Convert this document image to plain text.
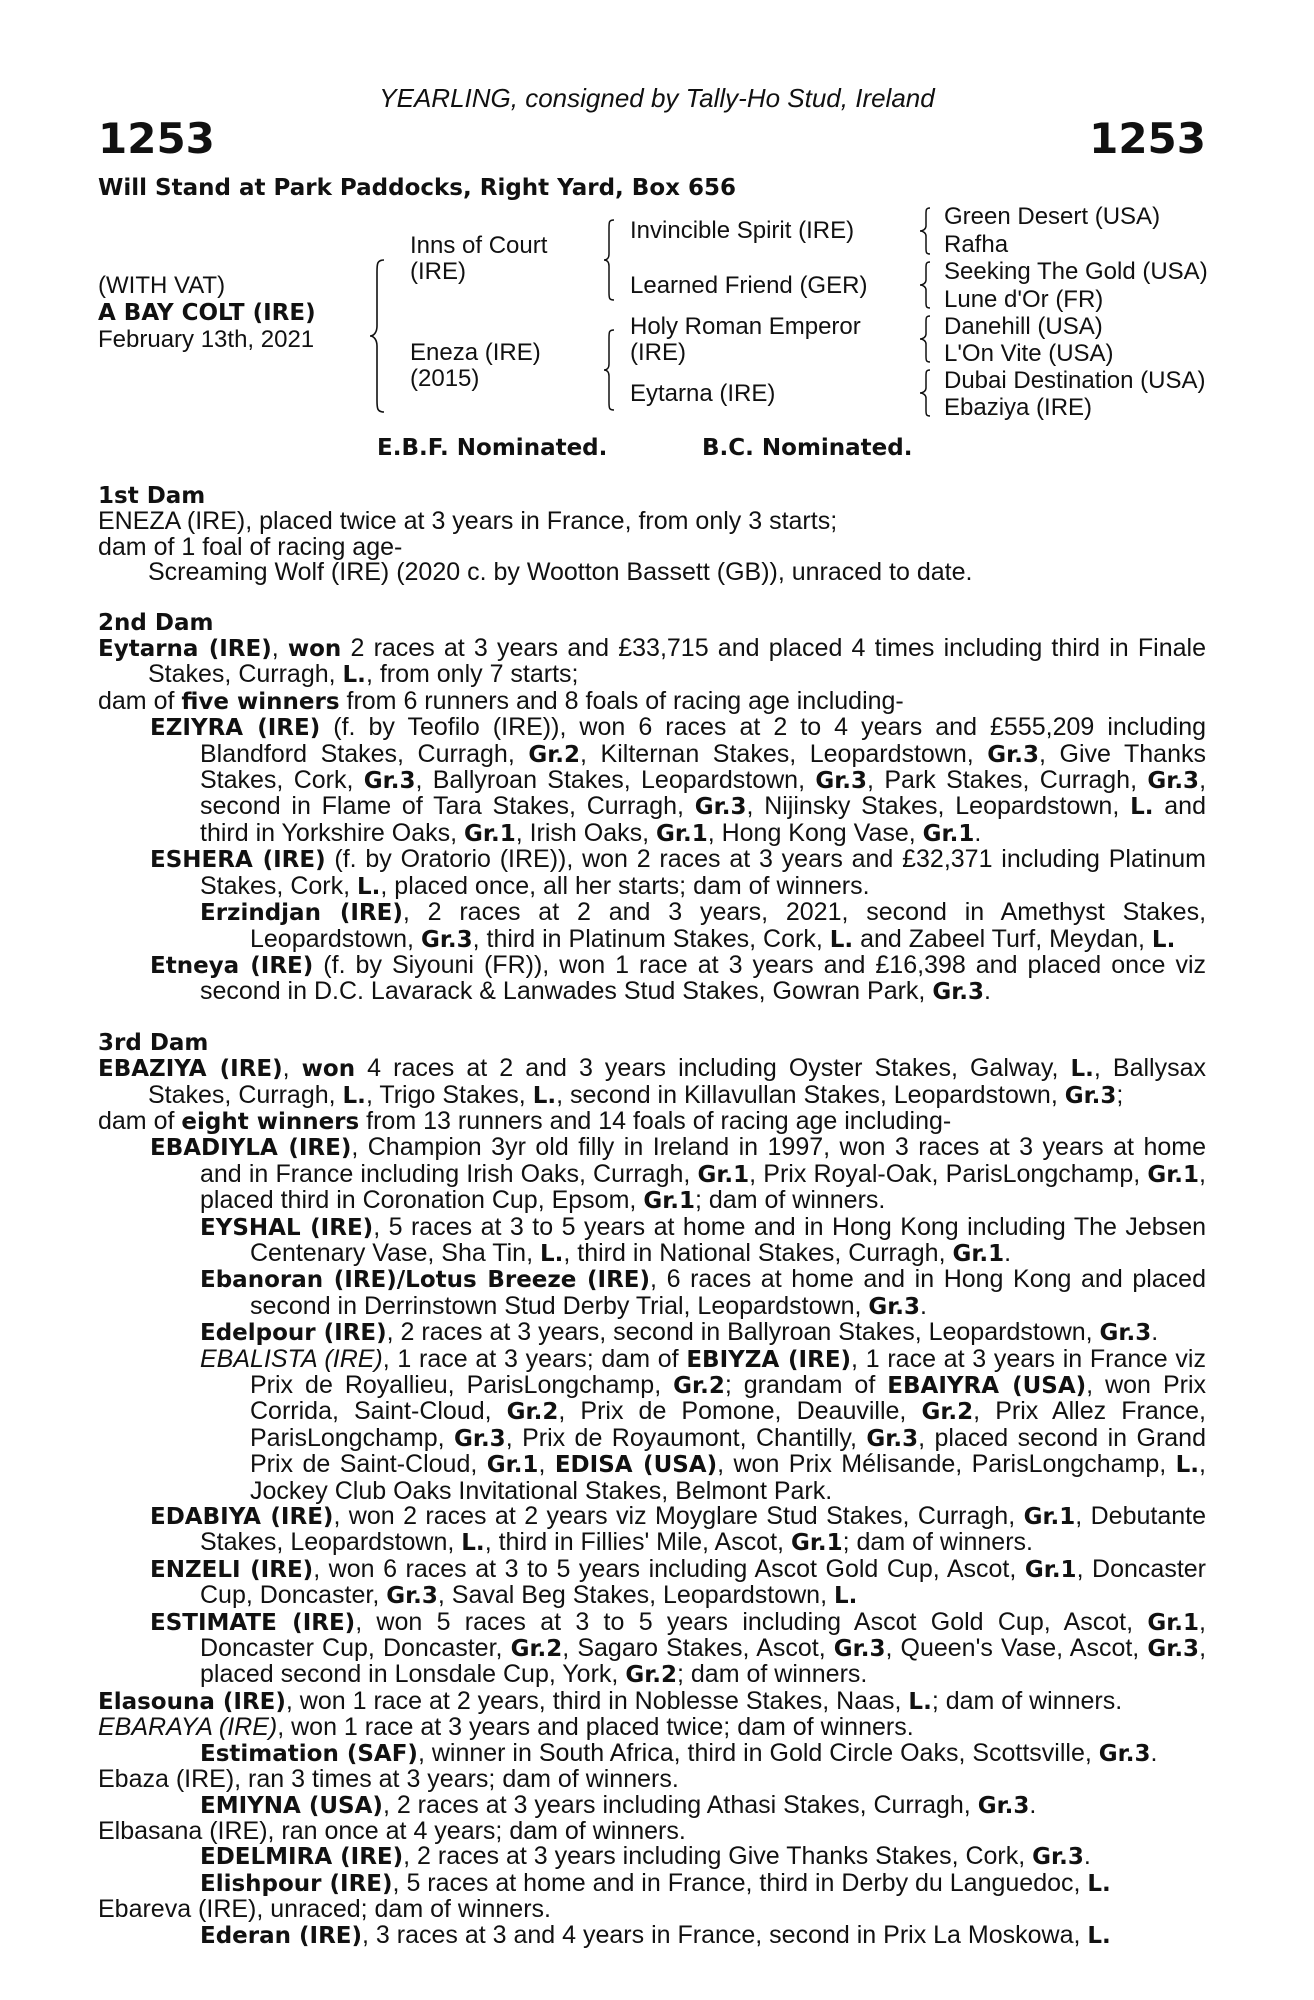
YEARLING, consigned by Tally-Ho Stud, Ireland
1253	1253
Will Stand at Park Paddocks, Right Yard, Box 656
(WITH VAT)
A BAY COLT (IRE)
February 13th, 2021
Inns of Court
(IRE)
Eneza (IRE)
(2015)
Invincible Spirit (IRE)
Learned Friend (GER)
Holy Roman Emperor
(IRE)
Eytarna (IRE)
Green Desert (USA)
Rafha
Seeking The Gold (USA)
Lune d'Or (FR)
Danehill (USA)
L'On Vite (USA)
Dubai Destination (USA)
Ebaziya (IRE)
E.B.F. Nominated.	B.C. Nominated.
1st Dam

ENEZA (IRE), placed twice at 3 years in France, from only 3 starts;
dam of 1 foal of racing age-

Screaming Wolf (IRE) (2020 c. by Wootton Bassett (GB)), unraced to date.

2nd Dam

Eytarna (IRE), won 2 races at 3 years and £33,715 and placed 4 times including third in Finale Stakes, Curragh, L., from only 7 starts;

dam of five winners from 6 runners and 8 foals of racing age including-

EZIYRA (IRE) (f. by Teofilo (IRE)), won 6 races at 2 to 4 years and £555,209 including Blandford Stakes, Curragh, Gr.2, Kilternan Stakes, Leopardstown, Gr.3, Give Thanks Stakes, Cork, Gr.3, Ballyroan Stakes, Leopardstown, Gr.3, Park Stakes, Curragh, Gr.3, second in Flame of Tara Stakes, Curragh, Gr.3, Nijinsky Stakes, Leopardstown, L. and third in Yorkshire Oaks, Gr.1, Irish Oaks, Gr.1, Hong Kong Vase, Gr.1.

ESHERA (IRE) (f. by Oratorio (IRE)), won 2 races at 3 years and £32,371 including Platinum Stakes, Cork, L., placed once, all her starts; dam of winners.

Erzindjan (IRE), 2 races at 2 and 3 years, 2021, second in Amethyst Stakes, Leopardstown, Gr.3, third in Platinum Stakes, Cork, L. and Zabeel Turf, Meydan, L.

Etneya (IRE) (f. by Siyouni (FR)), won 1 race at 3 years and £16,398 and placed once viz second in D.C. Lavarack & Lanwades Stud Stakes, Gowran Park, Gr.3.

3rd Dam

EBAZIYA (IRE), won 4 races at 2 and 3 years including Oyster Stakes, Galway, L., Ballysax Stakes, Curragh, L., Trigo Stakes, L., second in Killavullan Stakes, Leopardstown, Gr.3;

dam of eight winners from 13 runners and 14 foals of racing age including-

EBADIYLA (IRE), Champion 3yr old filly in Ireland in 1997, won 3 races at 3 years at home and in France including Irish Oaks, Curragh, Gr.1, Prix Royal-Oak, ParisLongchamp, Gr.1, placed third in Coronation Cup, Epsom, Gr.1; dam of winners.

EYSHAL (IRE), 5 races at 3 to 5 years at home and in Hong Kong including The Jebsen Centenary Vase, Sha Tin, L., third in National Stakes, Curragh, Gr.1.

Ebanoran (IRE)/Lotus Breeze (IRE), 6 races at home and in Hong Kong and placed second in Derrinstown Stud Derby Trial, Leopardstown, Gr.3.

Edelpour (IRE), 2 races at 3 years, second in Ballyroan Stakes, Leopardstown, Gr.3.

EBALISTA (IRE), 1 race at 3 years; dam of EBIYZA (IRE), 1 race at 3 years in France viz Prix de Royallieu, ParisLongchamp, Gr.2; grandam of EBAIYRA (USA), won Prix Corrida, Saint-Cloud, Gr.2, Prix de Pomone, Deauville, Gr.2, Prix Allez France, ParisLongchamp, Gr.3, Prix de Royaumont, Chantilly, Gr.3, placed second in Grand Prix de Saint-Cloud, Gr.1, EDISA (USA), won Prix Mélisande, ParisLongchamp, L., Jockey Club Oaks Invitational Stakes, Belmont Park.

EDABIYA (IRE), won 2 races at 2 years viz Moyglare Stud Stakes, Curragh, Gr.1, Debutante Stakes, Leopardstown, L., third in Fillies' Mile, Ascot, Gr.1; dam of winners.

ENZELI (IRE), won 6 races at 3 to 5 years including Ascot Gold Cup, Ascot, Gr.1, Doncaster Cup, Doncaster, Gr.3, Saval Beg Stakes, Leopardstown, L.

ESTIMATE (IRE), won 5 races at 3 to 5 years including Ascot Gold Cup, Ascot, Gr.1, Doncaster Cup, Doncaster, Gr.2, Sagaro Stakes, Ascot, Gr.3, Queen's Vase, Ascot, Gr.3, placed second in Lonsdale Cup, York, Gr.2; dam of winners.

Elasouna (IRE), won 1 race at 2 years, third in Noblesse Stakes, Naas, L.; dam of winners.

EBARAYA (IRE), won 1 race at 3 years and placed twice; dam of winners.

Estimation (SAF), winner in South Africa, third in Gold Circle Oaks, Scottsville, Gr.3.

Ebaza (IRE), ran 3 times at 3 years; dam of winners.

EMIYNA (USA), 2 races at 3 years including Athasi Stakes, Curragh, Gr.3.

Elbasana (IRE), ran once at 4 years; dam of winners.

EDELMIRA (IRE), 2 races at 3 years including Give Thanks Stakes, Cork, Gr.3.

Elishpour (IRE), 5 races at home and in France, third in Derby du Languedoc, L.

Ebareva (IRE), unraced; dam of winners.

Ederan (IRE), 3 races at 3 and 4 years in France, second in Prix La Moskowa, L.
